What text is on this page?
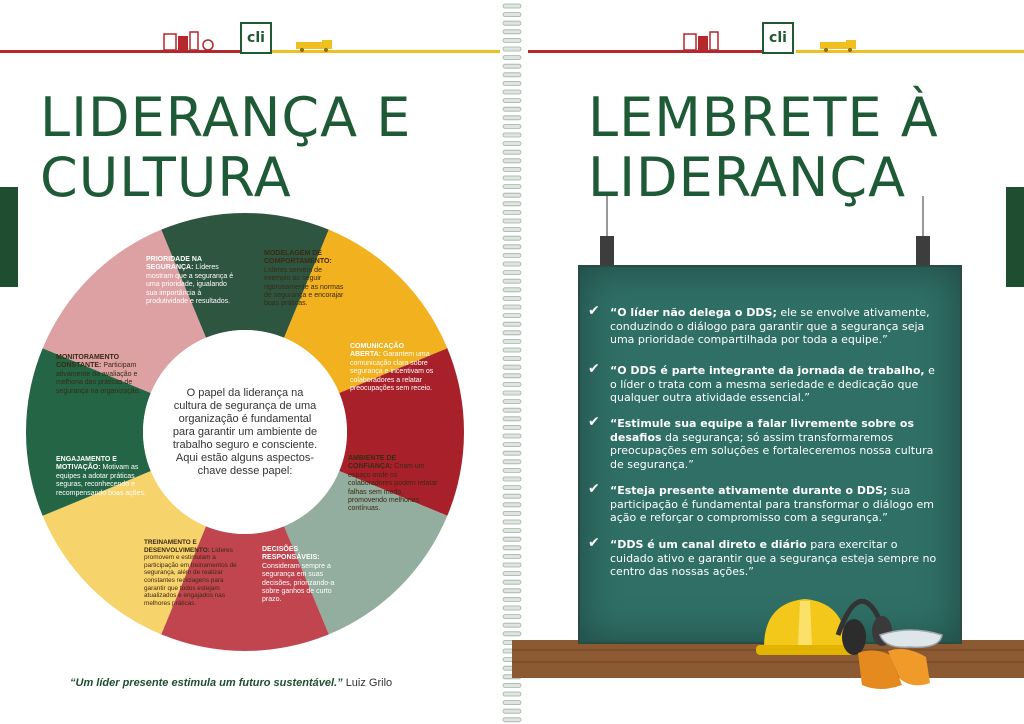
cli
LIDERANÇA E
CULTURA
PRIORIDADE NA SEGURANÇA: Líderes mostram que a segurança é uma prioridade, igualando sua importância à produtividade e resultados.
MODELAGEM DE COMPORTAMENTO: Líderes servem de exemplo ao seguir rigorosamente as normas de segurança e encorajar boas práticas.
COMUNICAÇÃO ABERTA: Garantem uma comunicação clara sobre segurança e incentivam os colaboradores a relatar preocupações sem receio.
AMBIENTE DE CONFIANÇA: Criam um espaço onde os colaboradores podem relatar falhas sem medo, promovendo melhorias contínuas.
DECISÕES RESPONSÁVEIS: Consideram sempre a segurança em suas decisões, priorizando-a sobre ganhos de curto prazo.
TREINAMENTO E DESENVOLVIMENTO: Líderes promovem e estimulam a participação em treinamentos de segurança, além de realizar constantes reciclagens para garantir que todos estejam atualizados e engajados nas melhores práticas.
ENGAJAMENTO E MOTIVAÇÃO: Motivam as equipes a adotar práticas seguras, reconhecendo e recompensando boas ações.
MONITORAMENTO CONSTANTE: Participam ativamente da avaliação e melhoria das práticas de segurança na organização.	O papel da liderança na cultura de segurança de uma organização é fundamental para garantir um ambiente de trabalho seguro e consciente. Aqui estão alguns aspectos-chave desse papel:
“Um líder presente estimula um futuro sustentável.” Luiz Grilo
cli
LEMBRETE À
LIDERANÇA
✔ “O líder não delega o DDS; ele se envolve ativamente, conduzindo o diálogo para garantir que a segurança seja uma prioridade compartilhada por toda a equipe.”
✔ “O DDS é parte integrante da jornada de trabalho, e o líder o trata com a mesma seriedade e dedicação que qualquer outra atividade essencial.”
✔ “Estimule sua equipe a falar livremente sobre os desafios da segurança; só assim transformaremos preocupações em soluções e fortaleceremos nossa cultura de segurança.”
✔ “Esteja presente ativamente durante o DDS; sua participação é fundamental para transformar o diálogo em ação e reforçar o compromisso com a segurança.”
✔ “DDS é um canal direto e diário para exercitar o cuidado ativo e garantir que a segurança esteja sempre no centro das nossas ações.”
